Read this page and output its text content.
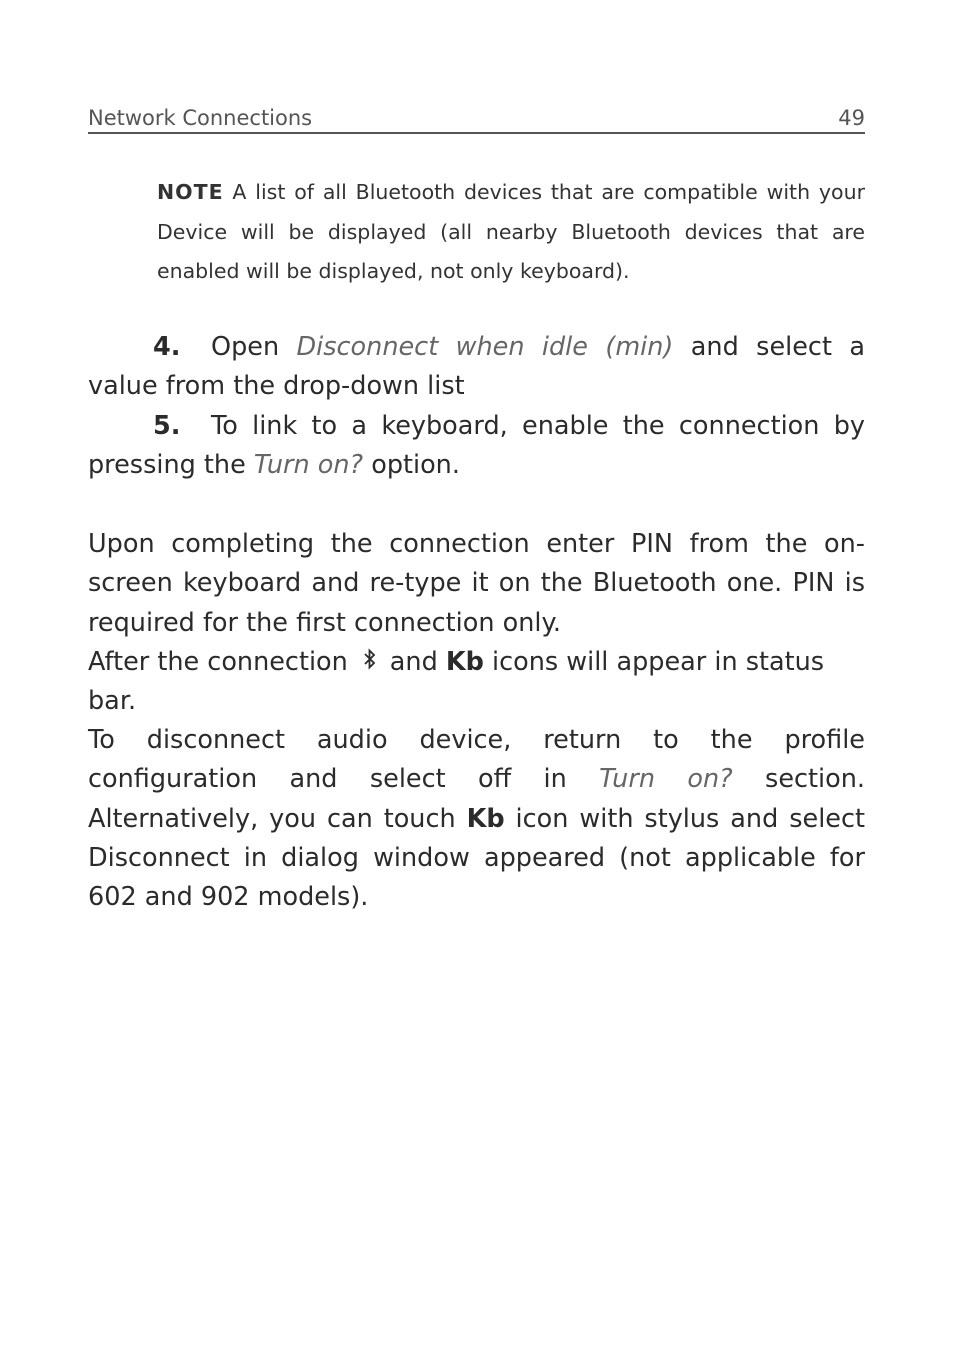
Network Connections	49
NOTE A list of all Bluetooth devices that are compatible with your Device will be displayed (all nearby Bluetooth devices that are enabled will be displayed, not only keyboard).
4. Open Disconnect when idle (min) and select a value from the drop-down list
5. To link to a keyboard, enable the connection by pressing the Turn on? option.
Upon completing the connection enter PIN from the on-screen keyboard and re-type it on the Bluetooth one. PIN is required for the first connection only.
After the connection and Kb icons will appear in status bar.
To disconnect audio device, return to the profile configuration and select off in Turn on? section. Alternatively, you can touch Kb icon with stylus and select Disconnect in dialog window appeared (not applicable for 602 and 902 models).
